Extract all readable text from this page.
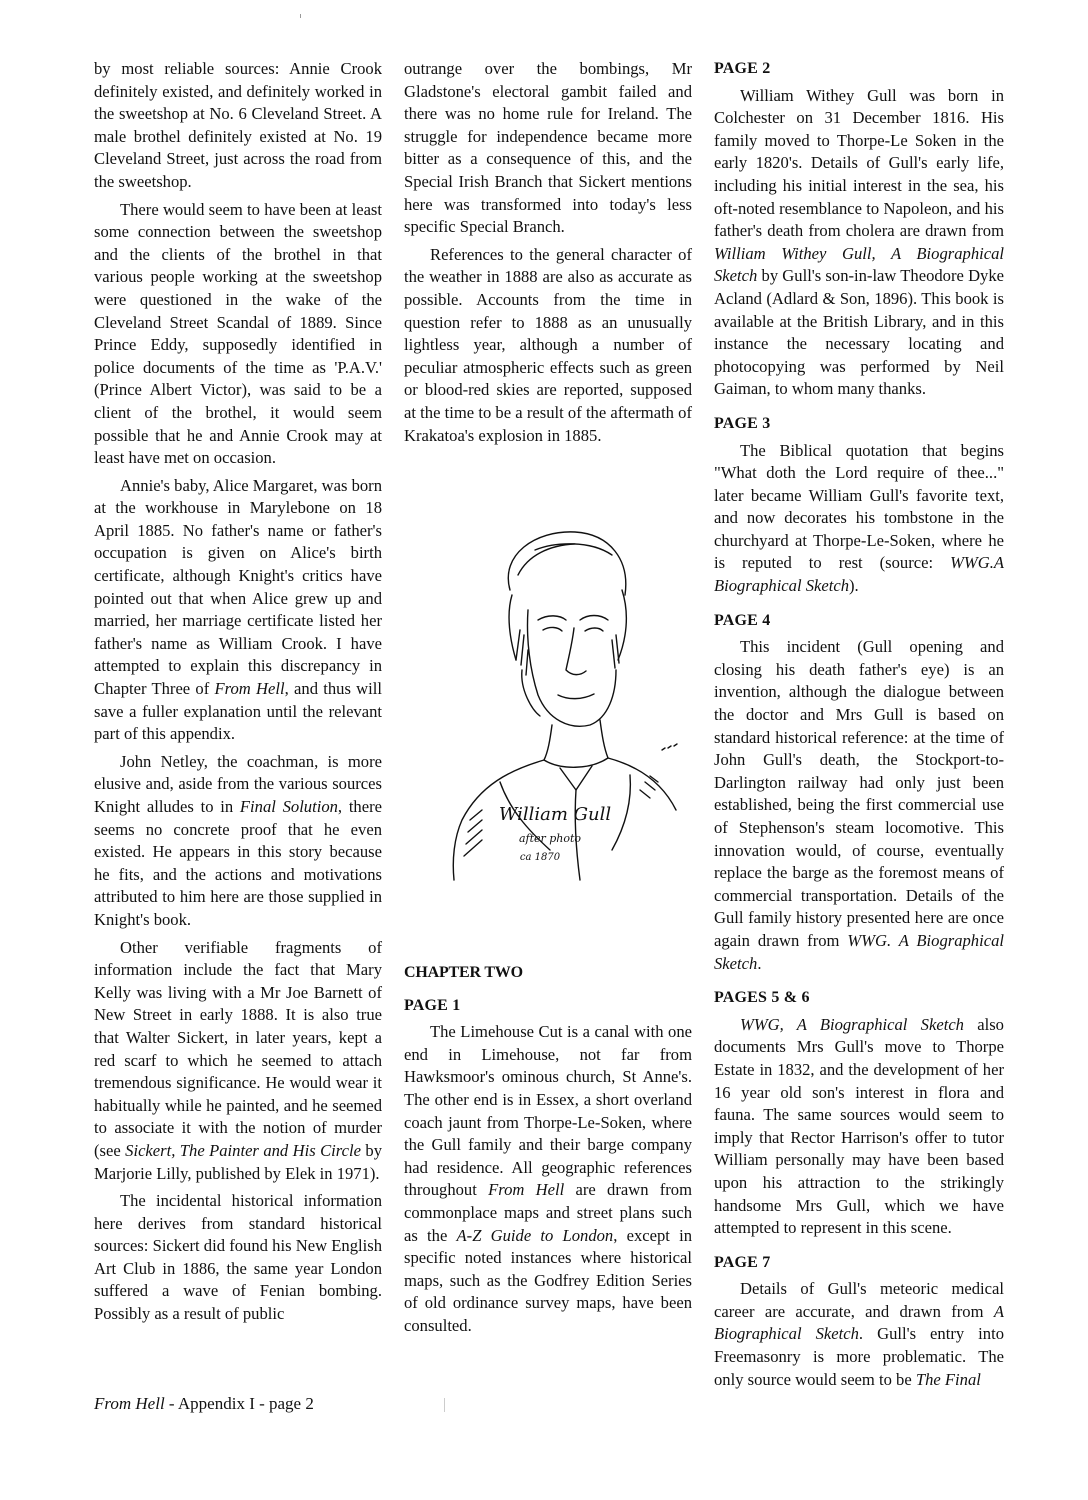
by most reliable sources: Annie Crook definitely existed, and definitely worked in the sweetshop at No. 6 Cleveland Street. A male brothel definitely existed at No. 19 Cleveland Street, just across the road from the sweetshop.

There would seem to have been at least some connection between the sweetshop and the clients of the brothel in that various people working at the sweetshop were questioned in the wake of the Cleveland Street Scandal of 1889. Since Prince Eddy, supposedly identified in police documents of the time as 'P.A.V.' (Prince Albert Victor), was said to be a client of the brothel, it would seem possible that he and Annie Crook may at least have met on occasion.

Annie's baby, Alice Margaret, was born at the workhouse in Marylebone on 18 April 1885. No father's name or father's occupation is given on Alice's birth certificate, although Knight's critics have pointed out that when Alice grew up and married, her marriage certificate listed her father's name as William Crook. I have attempted to explain this discrepancy in Chapter Three of From Hell, and thus will save a fuller explanation until the relevant part of this appendix.

John Netley, the coachman, is more elusive and, aside from the various sources Knight alludes to in Final Solution, there seems no concrete proof that he even existed. He appears in this story because he fits, and the actions and motivations attributed to him here are those supplied in Knight's book.

Other verifiable fragments of information include the fact that Mary Kelly was living with a Mr Joe Barnett of New Street in early 1888. It is also true that Walter Sickert, in later years, kept a red scarf to which he seemed to attach tremendous significance. He would wear it habitually while he painted, and he seemed to associate it with the notion of murder (see Sickert, The Painter and His Circle by Marjorie Lilly, published by Elek in 1971).

The incidental historical information here derives from standard historical sources: Sickert did found his New English Art Club in 1886, the same year London suffered a wave of Fenian bombing. Possibly as a result of public

outrange over the bombings, Mr Gladstone's electoral gambit failed and there was no home rule for Ireland. The struggle for independence became more bitter as a consequence of this, and the Special Irish Branch that Sickert mentions here was transformed into today's less specific Special Branch.

References to the general character of the weather in 1888 are also as accurate as possible. Accounts from the time in question refer to 1888 as an unusually lightless year, although a number of peculiar atmospheric effects such as green or blood-red skies are reported, supposed at the time to be a result of the aftermath of Krakatoa's explosion in 1885.

William Gull
after photo
ca 1870
CHAPTER TWO
PAGE 1

The Limehouse Cut is a canal with one end in Limehouse, not far from Hawksmoor's ominous church, St Anne's. The other end is in Essex, a short overland coach jaunt from Thorpe-Le-Soken, where the Gull family and their barge company had residence. All geographic references throughout From Hell are drawn from commonplace maps and street plans such as the A-Z Guide to London, except in specific noted instances where historical maps, such as the Godfrey Edition Series of old ordinance survey maps, have been consulted.

PAGE 2

William Withey Gull was born in Colchester on 31 December 1816. His family moved to Thorpe-Le Soken in the early 1820's. Details of Gull's early life, including his initial interest in the sea, his oft-noted resemblance to Napoleon, and his father's death from cholera are drawn from William Withey Gull, A Biographical Sketch by Gull's son-in-law Theodore Dyke Acland (Adlard & Son, 1896). This book is available at the British Library, and in this instance the necessary locating and photocopying was performed by Neil Gaiman, to whom many thanks.

PAGE 3

The Biblical quotation that begins "What doth the Lord require of thee..." later became William Gull's favorite text, and now decorates his tombstone in the churchyard at Thorpe-Le-Soken, where he is reputed to rest (source: WWG.A Biographical Sketch).

PAGE 4

This incident (Gull opening and closing his death father's eye) is an invention, although the dialogue between the doctor and Mrs Gull is based on standard historical reference: at the time of John Gull's death, the Stockport-to-Darlington railway had only just been established, being the first commercial use of Stephenson's steam locomotive. This innovation would, of course, eventually replace the barge as the foremost means of commercial transportation. Details of the Gull family history presented here are once again drawn from WWG. A Biographical Sketch.

PAGES 5 & 6

WWG, A Biographical Sketch also documents Mrs Gull's move to Thorpe Estate in 1832, and the development of her 16 year old son's interest in flora and fauna. The same sources would seem to imply that Rector Harrison's offer to tutor William personally may have been based upon his attraction to the strikingly handsome Mrs Gull, which we have attempted to represent in this scene.

PAGE 7

Details of Gull's meteoric medical career are accurate, and drawn from A Biographical Sketch. Gull's entry into Freemasonry is more problematic. The only source would seem to be The Final

From Hell - Appendix I - page 2
